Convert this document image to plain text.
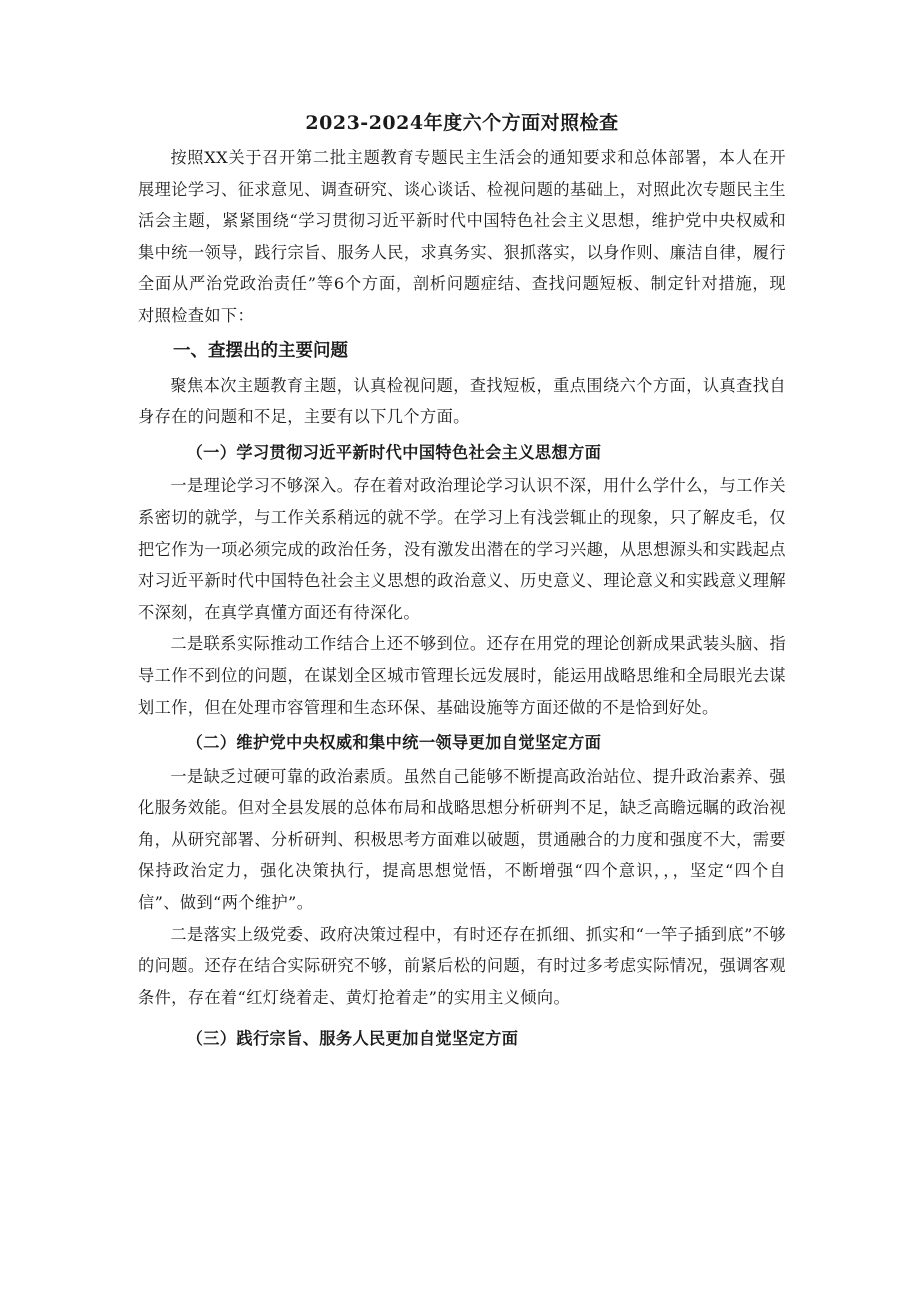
2023-2024年度六个方面对照检查

按照XX关于召开第二批主题教育专题民主生活会的通知要求和总体部署，本人在开展理论学习、征求意见、调查研究、谈心谈话、检视问题的基础上，对照此次专题民主生活会主题，紧紧围绕“学习贯彻习近平新时代中国特色社会主义思想，维护党中央权威和集中统一领导，践行宗旨、服务人民，求真务实、狠抓落实，以身作则、廉洁自律，履行全面从严治党政治责任”等6个方面，剖析问题症结、查找问题短板、制定针对措施，现对照检查如下：

一、查摆出的主要问题

聚焦本次主题教育主题，认真检视问题，查找短板，重点围绕六个方面，认真查找自身存在的问题和不足，主要有以下几个方面。

（一）学习贯彻习近平新时代中国特色社会主义思想方面

一是理论学习不够深入。存在着对政治理论学习认识不深，用什么学什么，与工作关系密切的就学，与工作关系稍远的就不学。在学习上有浅尝辄止的现象，只了解皮毛，仅把它作为一项必须完成的政治任务，没有激发出潜在的学习兴趣，从思想源头和实践起点对习近平新时代中国特色社会主义思想的政治意义、历史意义、理论意义和实践意义理解不深刻，在真学真懂方面还有待深化。

二是联系实际推动工作结合上还不够到位。还存在用党的理论创新成果武装头脑、指导工作不到位的问题，在谋划全区城市管理长远发展时，能运用战略思维和全局眼光去谋划工作，但在处理市容管理和生态环保、基础设施等方面还做的不是恰到好处。

（二）维护党中央权威和集中统一领导更加自觉坚定方面

一是缺乏过硬可靠的政治素质。虽然自己能够不断提高政治站位、提升政治素养、强化服务效能。但对全县发展的总体布局和战略思想分析研判不足，缺乏高瞻远瞩的政治视角，从研究部署、分析研判、积极思考方面难以破题，贯通融合的力度和强度不大，需要保持政治定力，强化决策执行，提高思想觉悟，不断增强“四个意识，，，坚定“四个自信”、做到“两个维护”。

二是落实上级党委、政府决策过程中，有时还存在抓细、抓实和“一竿子插到底”不够的问题。还存在结合实际研究不够，前紧后松的问题，有时过多考虑实际情况，强调客观条件，存在着“红灯绕着走、黄灯抢着走”的实用主义倾向。

（三）践行宗旨、服务人民更加自觉坚定方面
